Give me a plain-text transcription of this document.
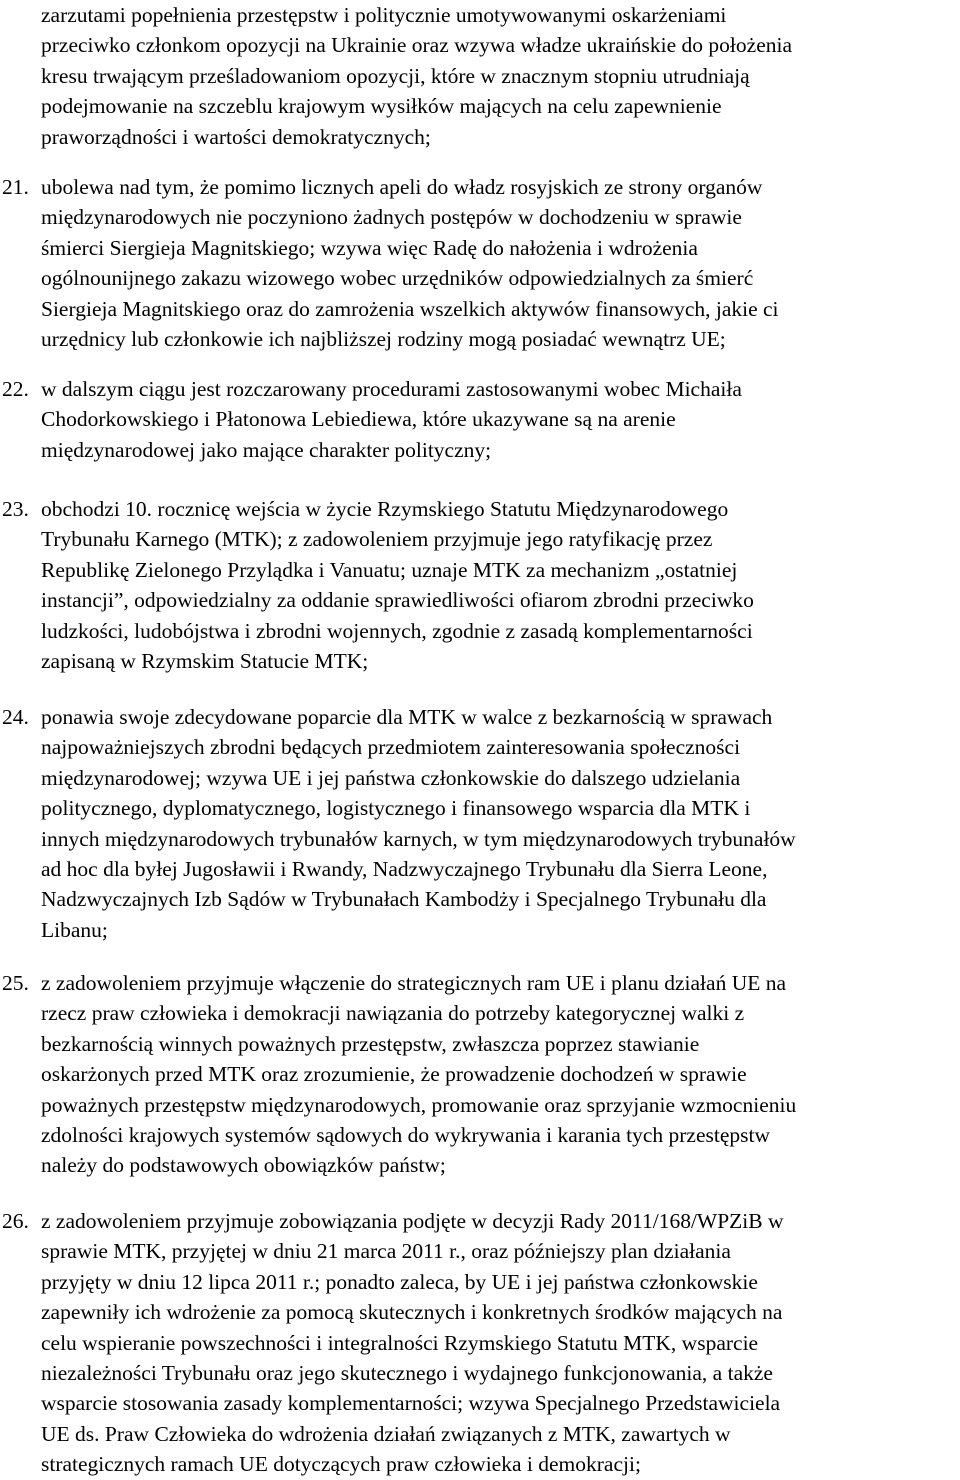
zarzutami popełnienia przestępstw i politycznie umotywowanymi oskarżeniami
przeciwko członkom opozycji na Ukrainie oraz wzywa władze ukraińskie do położenia
kresu trwającym prześladowaniom opozycji, które w znacznym stopniu utrudniają
podejmowanie na szczeblu krajowym wysiłków mających na celu zapewnienie
praworządności i wartości demokratycznych;
21. ubolewa nad tym, że pomimo licznych apeli do władz rosyjskich ze strony organów
międzynarodowych nie poczyniono żadnych postępów w dochodzeniu w sprawie
śmierci Siergieja Magnitskiego; wzywa więc Radę do nałożenia i wdrożenia
ogólnounijnego zakazu wizowego wobec urzędników odpowiedzialnych za śmierć
Siergieja Magnitskiego oraz do zamrożenia wszelkich aktywów finansowych, jakie ci
urzędnicy lub członkowie ich najbliższej rodziny mogą posiadać wewnątrz UE;
22. w dalszym ciągu jest rozczarowany procedurami zastosowanymi wobec Michaiła
Chodorkowskiego i Płatonowa Lebiediewa, które ukazywane są na arenie
międzynarodowej jako mające charakter polityczny;
23. obchodzi 10. rocznicę wejścia w życie Rzymskiego Statutu Międzynarodowego
Trybunału Karnego (MTK); z zadowoleniem przyjmuje jego ratyfikację przez
Republikę Zielonego Przylądka i Vanuatu; uznaje MTK za mechanizm „ostatniej
instancji”, odpowiedzialny za oddanie sprawiedliwości ofiarom zbrodni przeciwko
ludzkości, ludobójstwa i zbrodni wojennych, zgodnie z zasadą komplementarności
zapisaną w Rzymskim Statucie MTK;
24. ponawia swoje zdecydowane poparcie dla MTK w walce z bezkarnością w sprawach
najpoważniejszych zbrodni będących przedmiotem zainteresowania społeczności
międzynarodowej; wzywa UE i jej państwa członkowskie do dalszego udzielania
politycznego, dyplomatycznego, logistycznego i finansowego wsparcia dla MTK i
innych międzynarodowych trybunałów karnych, w tym międzynarodowych trybunałów
ad hoc dla byłej Jugosławii i Rwandy, Nadzwyczajnego Trybunału dla Sierra Leone,
Nadzwyczajnych Izb Sądów w Trybunałach Kambodży i Specjalnego Trybunału dla
Libanu;
25. z zadowoleniem przyjmuje włączenie do strategicznych ram UE i planu działań UE na
rzecz praw człowieka i demokracji nawiązania do potrzeby kategorycznej walki z
bezkarnością winnych poważnych przestępstw, zwłaszcza poprzez stawianie
oskarżonych przed MTK oraz zrozumienie, że prowadzenie dochodzeń w sprawie
poważnych przestępstw międzynarodowych, promowanie oraz sprzyjanie wzmocnieniu
zdolności krajowych systemów sądowych do wykrywania i karania tych przestępstw
należy do podstawowych obowiązków państw;
26. z zadowoleniem przyjmuje zobowiązania podjęte w decyzji Rady 2011/168/WPZiB w
sprawie MTK, przyjętej w dniu 21 marca 2011 r., oraz późniejszy plan działania
przyjęty w dniu 12 lipca 2011 r.; ponadto zaleca, by UE i jej państwa członkowskie
zapewniły ich wdrożenie za pomocą skutecznych i konkretnych środków mających na
celu wspieranie powszechności i integralności Rzymskiego Statutu MTK, wsparcie
niezależności Trybunału oraz jego skutecznego i wydajnego funkcjonowania, a także
wsparcie stosowania zasady komplementarności; wzywa Specjalnego Przedstawiciela
UE ds. Praw Człowieka do wdrożenia działań związanych z MTK, zawartych w
strategicznych ramach UE dotyczących praw człowieka i demokracji;
